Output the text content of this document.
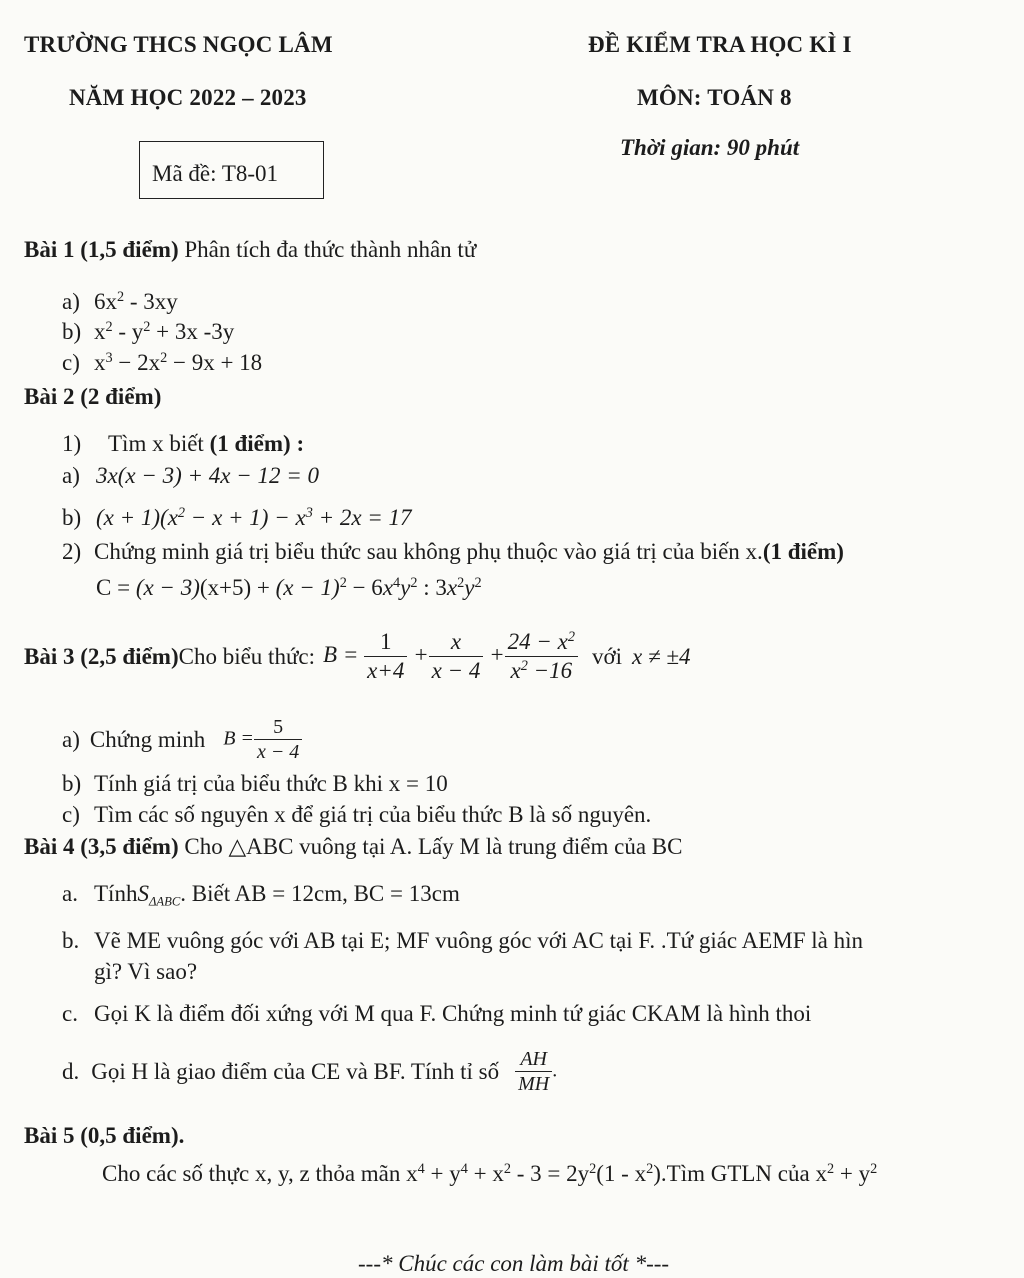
TRƯỜNG THCS NGỌC LÂM
NĂM HỌC 2022 – 2023
ĐỀ KIỂM TRA HỌC KÌ I
MÔN: TOÁN 8
Thời gian: 90 phút
Mã đề: T8-01
Bài 1 (1,5 điểm) Phân tích đa thức thành nhân tử
a) $6x^2 - 3xy$
b) $x^2 - y^2 + 3x$ -3y
c) $x^3 - 2x^2 - 9x + 18$
Bài 2 (2 điểm)
1) Tìm x biết (1 điểm) :
a) 3x(x − 3) + 4x − 12 = 0
b) $(x + 1)(x^2 - x + 1) - x^3 + 2x = 17$
2) Chứng minh giá trị biểu thức sau không phụ thuộc vào giá trị của biến x.(1 điểm)
$C = (x - 3)(x+5) + (x - 1)^2 - 6x^4y^2$ : $3x^2y^2$
Bài 3 (2,5 điểm) Cho biểu thức: $B = \frac{1}{x+4} + \frac{x}{x - 4} + \frac{24 - x^2}{x^2 -16}$ với x ≠ ±4
a) Chứng minh $B = \frac{5}{x - 4}$
b) Tính giá trị của biểu thức B khi x = 10
c) Tìm các số nguyên x để giá trị của biểu thức B là số nguyên.
Bài 4 (3,5 điểm) Cho △ABC vuông tại A. Lấy M là trung điểm của BC
a. TínhS$_{\Delta ABC}$. Biết AB = 12cm, BC = 13cm
b. Vẽ ME vuông góc với AB tại E; MF vuông góc với AC tại F. .Tứ giác AEMF là hìn
gì? Vì sao?
c. Gọi K là điểm đối xứng với M qua F. Chứng minh tứ giác CKAM là hình thoi
d. Gọi H là giao điểm của CE và BF. Tính tỉ số $\frac{AH}{MH}$ .
Bài 5 (0,5 điểm).
Cho các số thực x, y, z thỏa mãn $x^4 + y^4 + x^2 - 3 = 2y^2(1$ - $x^2).Tìm$ GTLN của $x^2 + y^2$
---* Chúc các con làm bài tốt *---
